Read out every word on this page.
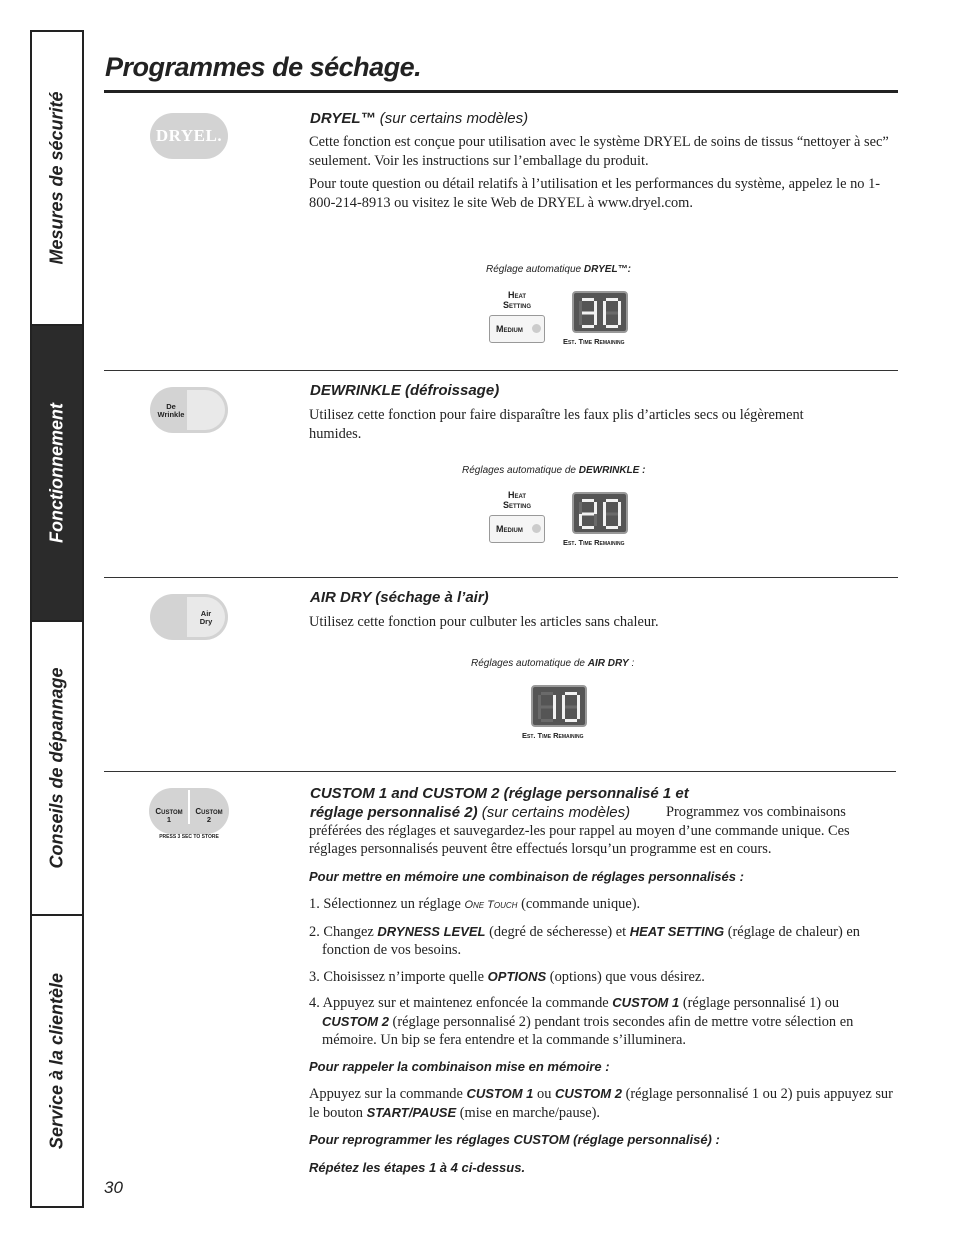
Mesures de sécurité
Fonctionnement
Conseils de dépannage
Service à la clientèle
Programmes de séchage.
DRYEL.
DRYEL™ (sur certains modèles)

Cette fonction est conçue pour utilisation avec le système DRYEL de soins de tissus “nettoyer à sec” seulement. Voir les instructions sur l’emballage du produit.

Pour toute question ou détail relatifs à l’utilisation et les performances du système, appelez le no 1-800-214-8913 ou visitez le site Web de DRYEL à www.dryel.com.

Réglage automatique DRYEL™:
Heat
Setting
Medium
Est. Time Remaining
De
Wrinkle
DEWRINKLE (défroissage)

Utilisez cette fonction pour faire disparaître les faux plis d’articles secs ou légèrement humides.

Réglages automatique de DEWRINKLE :
Heat
Setting
Medium
Est. Time Remaining
Air
Dry
AIR DRY (séchage à l’air)

Utilisez cette fonction pour culbuter les articles sans chaleur.

Réglages automatique de AIR DRY :
Est. Time Remaining
Custom
1
Custom
2
PRESS 3 SEC TO STORE
CUSTOM 1 and CUSTOM 2 (réglage personnalisé 1 et
réglage personnalisé 2) (sur certains modèles)	Programmez vos combinaisons préférées des réglages et sauvegardez-les pour rappel au moyen d’une commande unique. Ces réglages personnalisés peuvent être effectués lorsqu’un programme est en cours.

Pour mettre en mémoire une combinaison de réglages personnalisés :

1. Sélectionnez un réglage One Touch (commande unique).
2. Changez DRYNESS LEVEL (degré de sécheresse) et HEAT SETTING (réglage de chaleur) en fonction de vos besoins.
3. Choisissez n’importe quelle OPTIONS (options) que vous désirez.
4. Appuyez sur et maintenez enfoncée la commande CUSTOM 1 (réglage personnalisé 1) ou CUSTOM 2 (réglage personnalisé 2) pendant trois secondes afin de mettre votre sélection en mémoire. Un bip se fera entendre et la commande s’illuminera.

Pour rappeler la combinaison mise en mémoire :

Appuyez sur la commande CUSTOM 1 ou CUSTOM 2 (réglage personnalisé 1 ou 2) puis appuyez sur le bouton START/PAUSE (mise en marche/pause).

Pour reprogrammer les réglages CUSTOM (réglage personnalisé) :

Répétez les étapes 1 à 4 ci-dessus.

30
